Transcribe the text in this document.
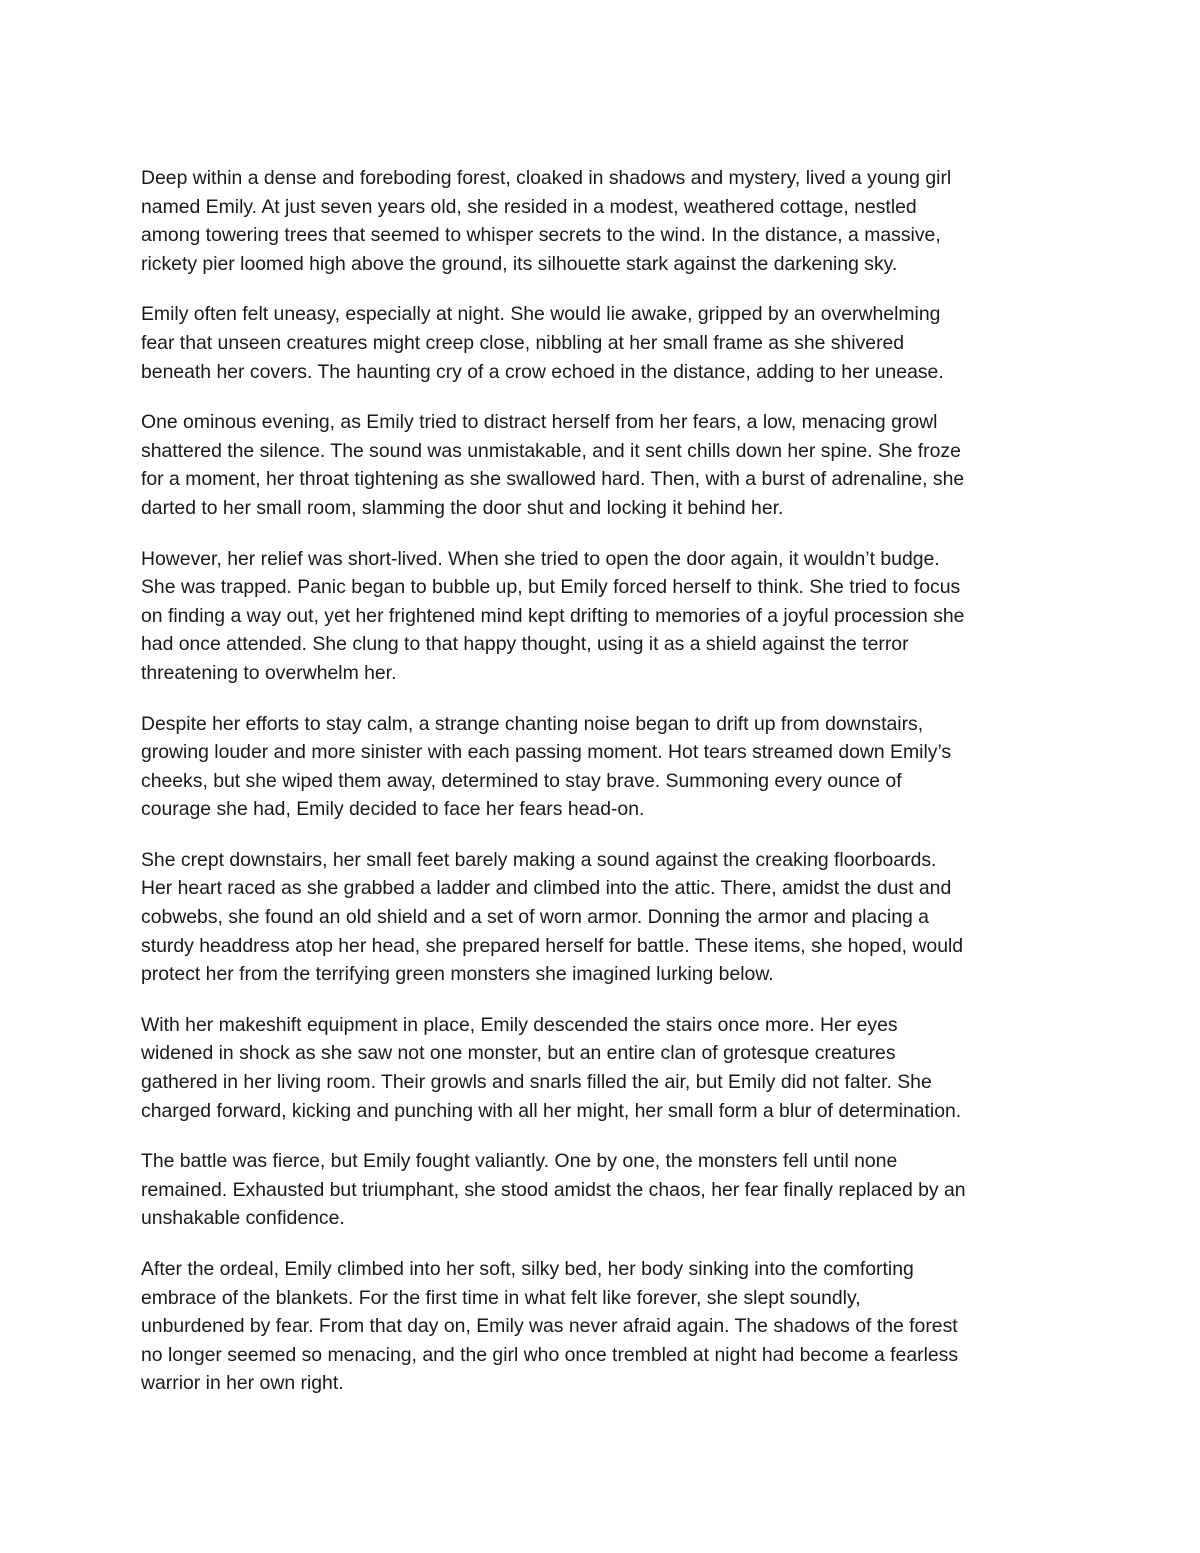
Deep within a dense and foreboding forest, cloaked in shadows and mystery, lived a young girl
named Emily. At just seven years old, she resided in a modest, weathered cottage, nestled
among towering trees that seemed to whisper secrets to the wind. In the distance, a massive,
rickety pier loomed high above the ground, its silhouette stark against the darkening sky.

Emily often felt uneasy, especially at night. She would lie awake, gripped by an overwhelming
fear that unseen creatures might creep close, nibbling at her small frame as she shivered
beneath her covers. The haunting cry of a crow echoed in the distance, adding to her unease.

One ominous evening, as Emily tried to distract herself from her fears, a low, menacing growl
shattered the silence. The sound was unmistakable, and it sent chills down her spine. She froze
for a moment, her throat tightening as she swallowed hard. Then, with a burst of adrenaline, she
darted to her small room, slamming the door shut and locking it behind her.

However, her relief was short-lived. When she tried to open the door again, it wouldn’t budge.
She was trapped. Panic began to bubble up, but Emily forced herself to think. She tried to focus
on finding a way out, yet her frightened mind kept drifting to memories of a joyful procession she
had once attended. She clung to that happy thought, using it as a shield against the terror
threatening to overwhelm her.

Despite her efforts to stay calm, a strange chanting noise began to drift up from downstairs,
growing louder and more sinister with each passing moment. Hot tears streamed down Emily’s
cheeks, but she wiped them away, determined to stay brave. Summoning every ounce of
courage she had, Emily decided to face her fears head-on.

She crept downstairs, her small feet barely making a sound against the creaking floorboards.
Her heart raced as she grabbed a ladder and climbed into the attic. There, amidst the dust and
cobwebs, she found an old shield and a set of worn armor. Donning the armor and placing a
sturdy headdress atop her head, she prepared herself for battle. These items, she hoped, would
protect her from the terrifying green monsters she imagined lurking below.

With her makeshift equipment in place, Emily descended the stairs once more. Her eyes
widened in shock as she saw not one monster, but an entire clan of grotesque creatures
gathered in her living room. Their growls and snarls filled the air, but Emily did not falter. She
charged forward, kicking and punching with all her might, her small form a blur of determination.

The battle was fierce, but Emily fought valiantly. One by one, the monsters fell until none
remained. Exhausted but triumphant, she stood amidst the chaos, her fear finally replaced by an
unshakable confidence.

After the ordeal, Emily climbed into her soft, silky bed, her body sinking into the comforting
embrace of the blankets. For the first time in what felt like forever, she slept soundly,
unburdened by fear. From that day on, Emily was never afraid again. The shadows of the forest
no longer seemed so menacing, and the girl who once trembled at night had become a fearless
warrior in her own right.
